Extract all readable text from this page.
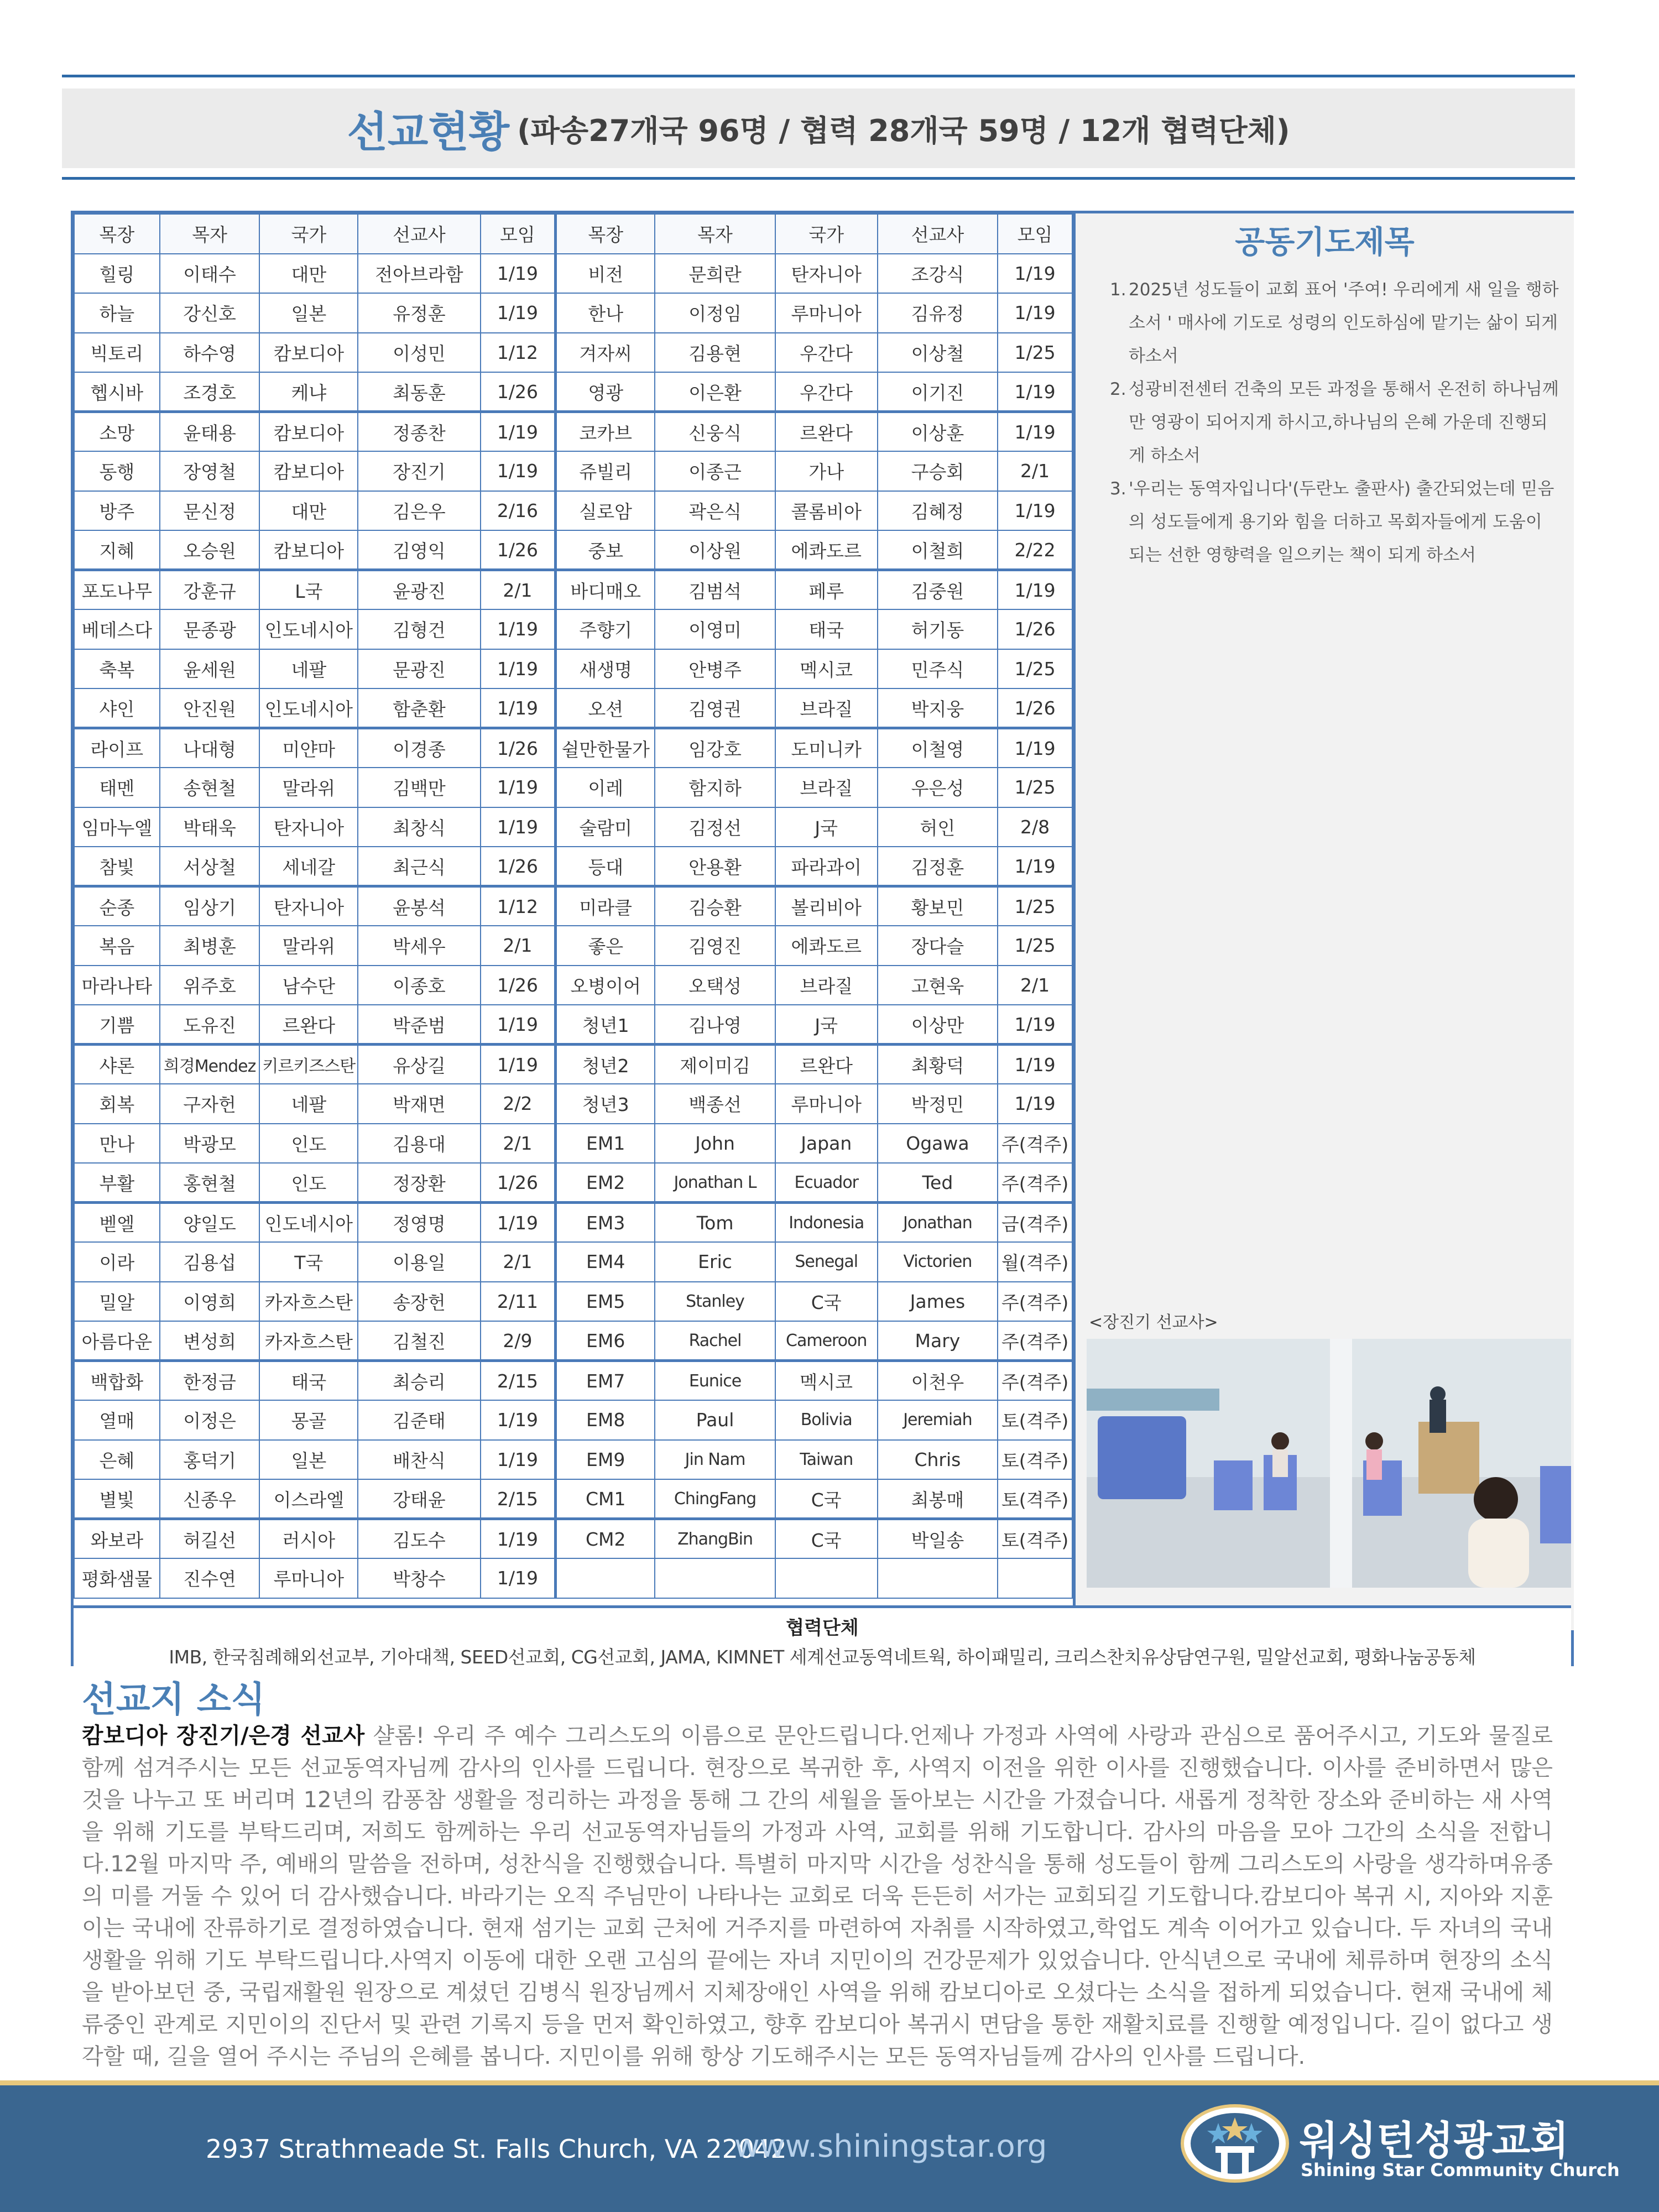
선교현황 (파송27개국 96명 / 협력 28개국 59명 / 12개 협력단체)
목장	목자	국가	선교사	모임	목장	목자	국가	선교사	모임
힐링	이태수	대만	전아브라함	1/19	비전	문희란	탄자니아	조강식	1/19
하늘	강신호	일본	유정훈	1/19	한나	이정임	루마니아	김유정	1/19
빅토리	하수영	캄보디아	이성민	1/12	겨자씨	김용현	우간다	이상철	1/25
헵시바	조경호	케냐	최동훈	1/26	영광	이은환	우간다	이기진	1/19
소망	윤태용	캄보디아	정종찬	1/19	코카브	신웅식	르완다	이상훈	1/19
동행	장영철	캄보디아	장진기	1/19	쥬빌리	이종근	가나	구승회	2/1
방주	문신정	대만	김은우	2/16	실로암	곽은식	콜롬비아	김혜정	1/19
지혜	오승원	캄보디아	김영익	1/26	중보	이상원	에콰도르	이철희	2/22
포도나무	강훈규	L국	윤광진	2/1	바디매오	김범석	페루	김중원	1/19
베데스다	문종광	인도네시아	김형건	1/19	주향기	이영미	태국	허기동	1/26
축복	윤세원	네팔	문광진	1/19	새생명	안병주	멕시코	민주식	1/25
샤인	안진원	인도네시아	함춘환	1/19	오션	김영권	브라질	박지웅	1/26
라이프	나대형	미얀마	이경종	1/26	쉴만한물가	임강호	도미니카	이철영	1/19
태멘	송현철	말라위	김백만	1/19	이레	함지하	브라질	우은성	1/25
임마누엘	박태욱	탄자니아	최창식	1/19	술람미	김정선	J국	허인	2/8
참빛	서상철	세네갈	최근식	1/26	등대	안용환	파라과이	김정훈	1/19
순종	임상기	탄자니아	윤봉석	1/12	미라클	김승환	볼리비아	황보민	1/25
복음	최병훈	말라위	박세우	2/1	좋은	김영진	에콰도르	장다슬	1/25
마라나타	위주호	남수단	이종호	1/26	오병이어	오택성	브라질	고현욱	2/1
기쁨	도유진	르완다	박준범	1/19	청년1	김나영	J국	이상만	1/19
샤론	희경Mendez	키르키즈스탄	유상길	1/19	청년2	제이미김	르완다	최황덕	1/19
회복	구자헌	네팔	박재면	2/2	청년3	백종선	루마니아	박정민	1/19
만나	박광모	인도	김용대	2/1	EM1	John	Japan	Ogawa	주(격주)
부활	홍현철	인도	정장환	1/26	EM2	Jonathan L	Ecuador	Ted	주(격주)
벧엘	양일도	인도네시아	정영명	1/19	EM3	Tom	Indonesia	Jonathan	금(격주)
이라	김용섭	T국	이용일	2/1	EM4	Eric	Senegal	Victorien	월(격주)
밀알	이영희	카자흐스탄	송장헌	2/11	EM5	Stanley	C국	James	주(격주)
아름다운	변성희	카자흐스탄	김철진	2/9	EM6	Rachel	Cameroon	Mary	주(격주)
백합화	한정금	태국	최승리	2/15	EM7	Eunice	멕시코	이천우	주(격주)
열매	이정은	몽골	김준태	1/19	EM8	Paul	Bolivia	Jeremiah	토(격주)
은혜	홍덕기	일본	배찬식	1/19	EM9	Jin Nam	Taiwan	Chris	토(격주)
별빛	신종우	이스라엘	강태윤	2/15	CM1	ChingFang	C국	최봉매	토(격주)
와보라	허길선	러시아	김도수	1/19	CM2	ZhangBin	C국	박일송	토(격주)
평화샘물	진수연	루마니아	박창수	1/19					
공동기도제목
1. 2025년 성도들이 교회 표어 '주여! 우리에게 새 일을 행하소서 ' 매사에 기도로 성령의 인도하심에 맡기는 삶이 되게 하소서
2. 성광비전센터 건축의 모든 과정을 통해서 온전히 하나님께만 영광이 되어지게 하시고,하나님의 은혜 가운데 진행되게 하소서
3. '우리는 동역자입니다'(두란노 출판사) 출간되었는데 믿음의 성도들에게 용기와 힘을 더하고 목회자들에게 도움이 되는 선한 영향력을 일으키는 책이 되게 하소서
<장진기 선교사>
협력단체
IMB, 한국침례해외선교부, 기아대책, SEED선교회, CG선교회, JAMA, KIMNET 세계선교동역네트웍, 하이패밀리, 크리스찬치유상담연구원, 밀알선교회, 평화나눔공동체
선교지 소식
캄보디아 장진기/은경 선교사 샬롬! 우리 주 예수 그리스도의 이름으로 문안드립니다.언제나 가정과 사역에 사랑과 관심으로 품어주시고, 기도와 물질로 함께 섬겨주시는 모든 선교동역자님께 감사의 인사를 드립니다. 현장으로 복귀한 후, 사역지 이전을 위한 이사를 진행했습니다. 이사를 준비하면서 많은 것을 나누고 또 버리며 12년의 캄퐁참 생활을 정리하는 과정을 통해 그 간의 세월을 돌아보는 시간을 가졌습니다. 새롭게 정착한 장소와 준비하는 새 사역을 위해 기도를 부탁드리며, 저희도 함께하는 우리 선교동역자님들의 가정과 사역, 교회를 위해 기도합니다. 감사의 마음을 모아 그간의 소식을 전합니다.12월 마지막 주, 예배의 말씀을 전하며, 성찬식을 진행했습니다. 특별히 마지막 시간을 성찬식을 통해 성도들이 함께 그리스도의 사랑을 생각하며유종의 미를 거둘 수 있어 더 감사했습니다. 바라기는 오직 주님만이 나타나는 교회로 더욱 든든히 서가는 교회되길 기도합니다.캄보디아 복귀 시, 지아와 지훈이는 국내에 잔류하기로 결정하였습니다. 현재 섬기는 교회 근처에 거주지를 마련하여 자취를 시작하였고,학업도 계속 이어가고 있습니다. 두 자녀의 국내 생활을 위해 기도 부탁드립니다.사역지 이동에 대한 오랜 고심의 끝에는 자녀 지민이의 건강문제가 있었습니다. 안식년으로 국내에 체류하며 현장의 소식을 받아보던 중, 국립재활원 원장으로 계셨던 김병식 원장님께서 지체장애인 사역을 위해 캄보디아로 오셨다는 소식을 접하게 되었습니다. 현재 국내에 체류중인 관계로 지민이의 진단서 및 관련 기록지 등을 먼저 확인하였고, 향후 캄보디아 복귀시 면담을 통한 재활치료를 진행할 예정입니다. 길이 없다고 생각할 때, 길을 열어 주시는 주님의 은혜를 봅니다. 지민이를 위해 항상 기도해주시는 모든 동역자님들께 감사의 인사를 드립니다.
2937 Strathmeade St. Falls Church, VA 22042
www.shiningstar.org	워싱턴성광교회
Shining Star Community Church
